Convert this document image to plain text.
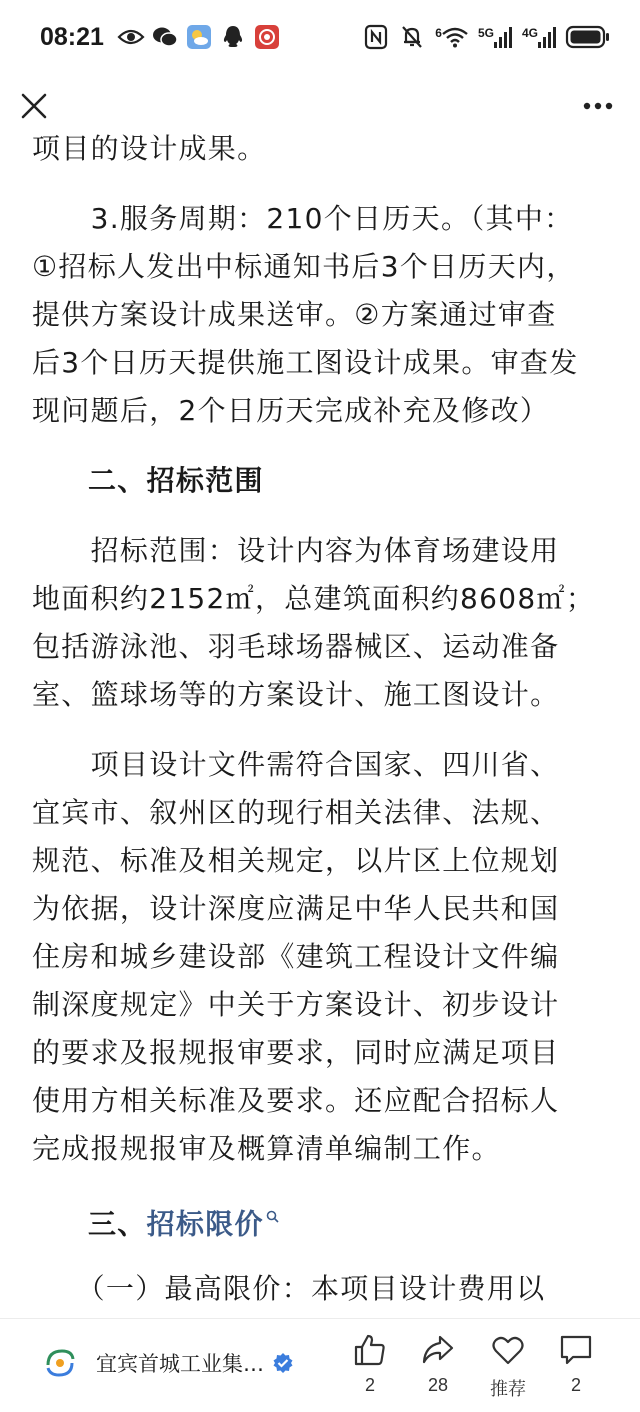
08:21	6	5G 4G
项目的设计成果。
　　3.服务周期：210个日历天。（其中：
①招标人发出中标通知书后3个日历天内，
提供方案设计成果送审。②方案通过审查
后3个日历天提供施工图设计成果。审查发
现问题后，2个日历天完成补充及修改）
二、招标范围
　　招标范围：设计内容为体育场建设用
地面积约2152㎡，总建筑面积约8608㎡；
包括游泳池、羽毛球场器械区、运动准备
室、篮球场等的方案设计、施工图设计。
　　项目设计文件需符合国家、四川省、
宜宾市、叙州区的现行相关法律、法规、
规范、标准及相关规定，以片区上位规划
为依据，设计深度应满足中华人民共和国
住房和城乡建设部《建筑工程设计文件编
制深度规定》中关于方案设计、初步设计
的要求及报规报审要求，同时应满足项目
使用方相关标准及要求。还应配合招标人
完成报规报审及概算清单编制工作。
三、招标限价
　　（一）最高限价：本项目设计费用以
宜宾首城工业集…
2	28 推荐 2
